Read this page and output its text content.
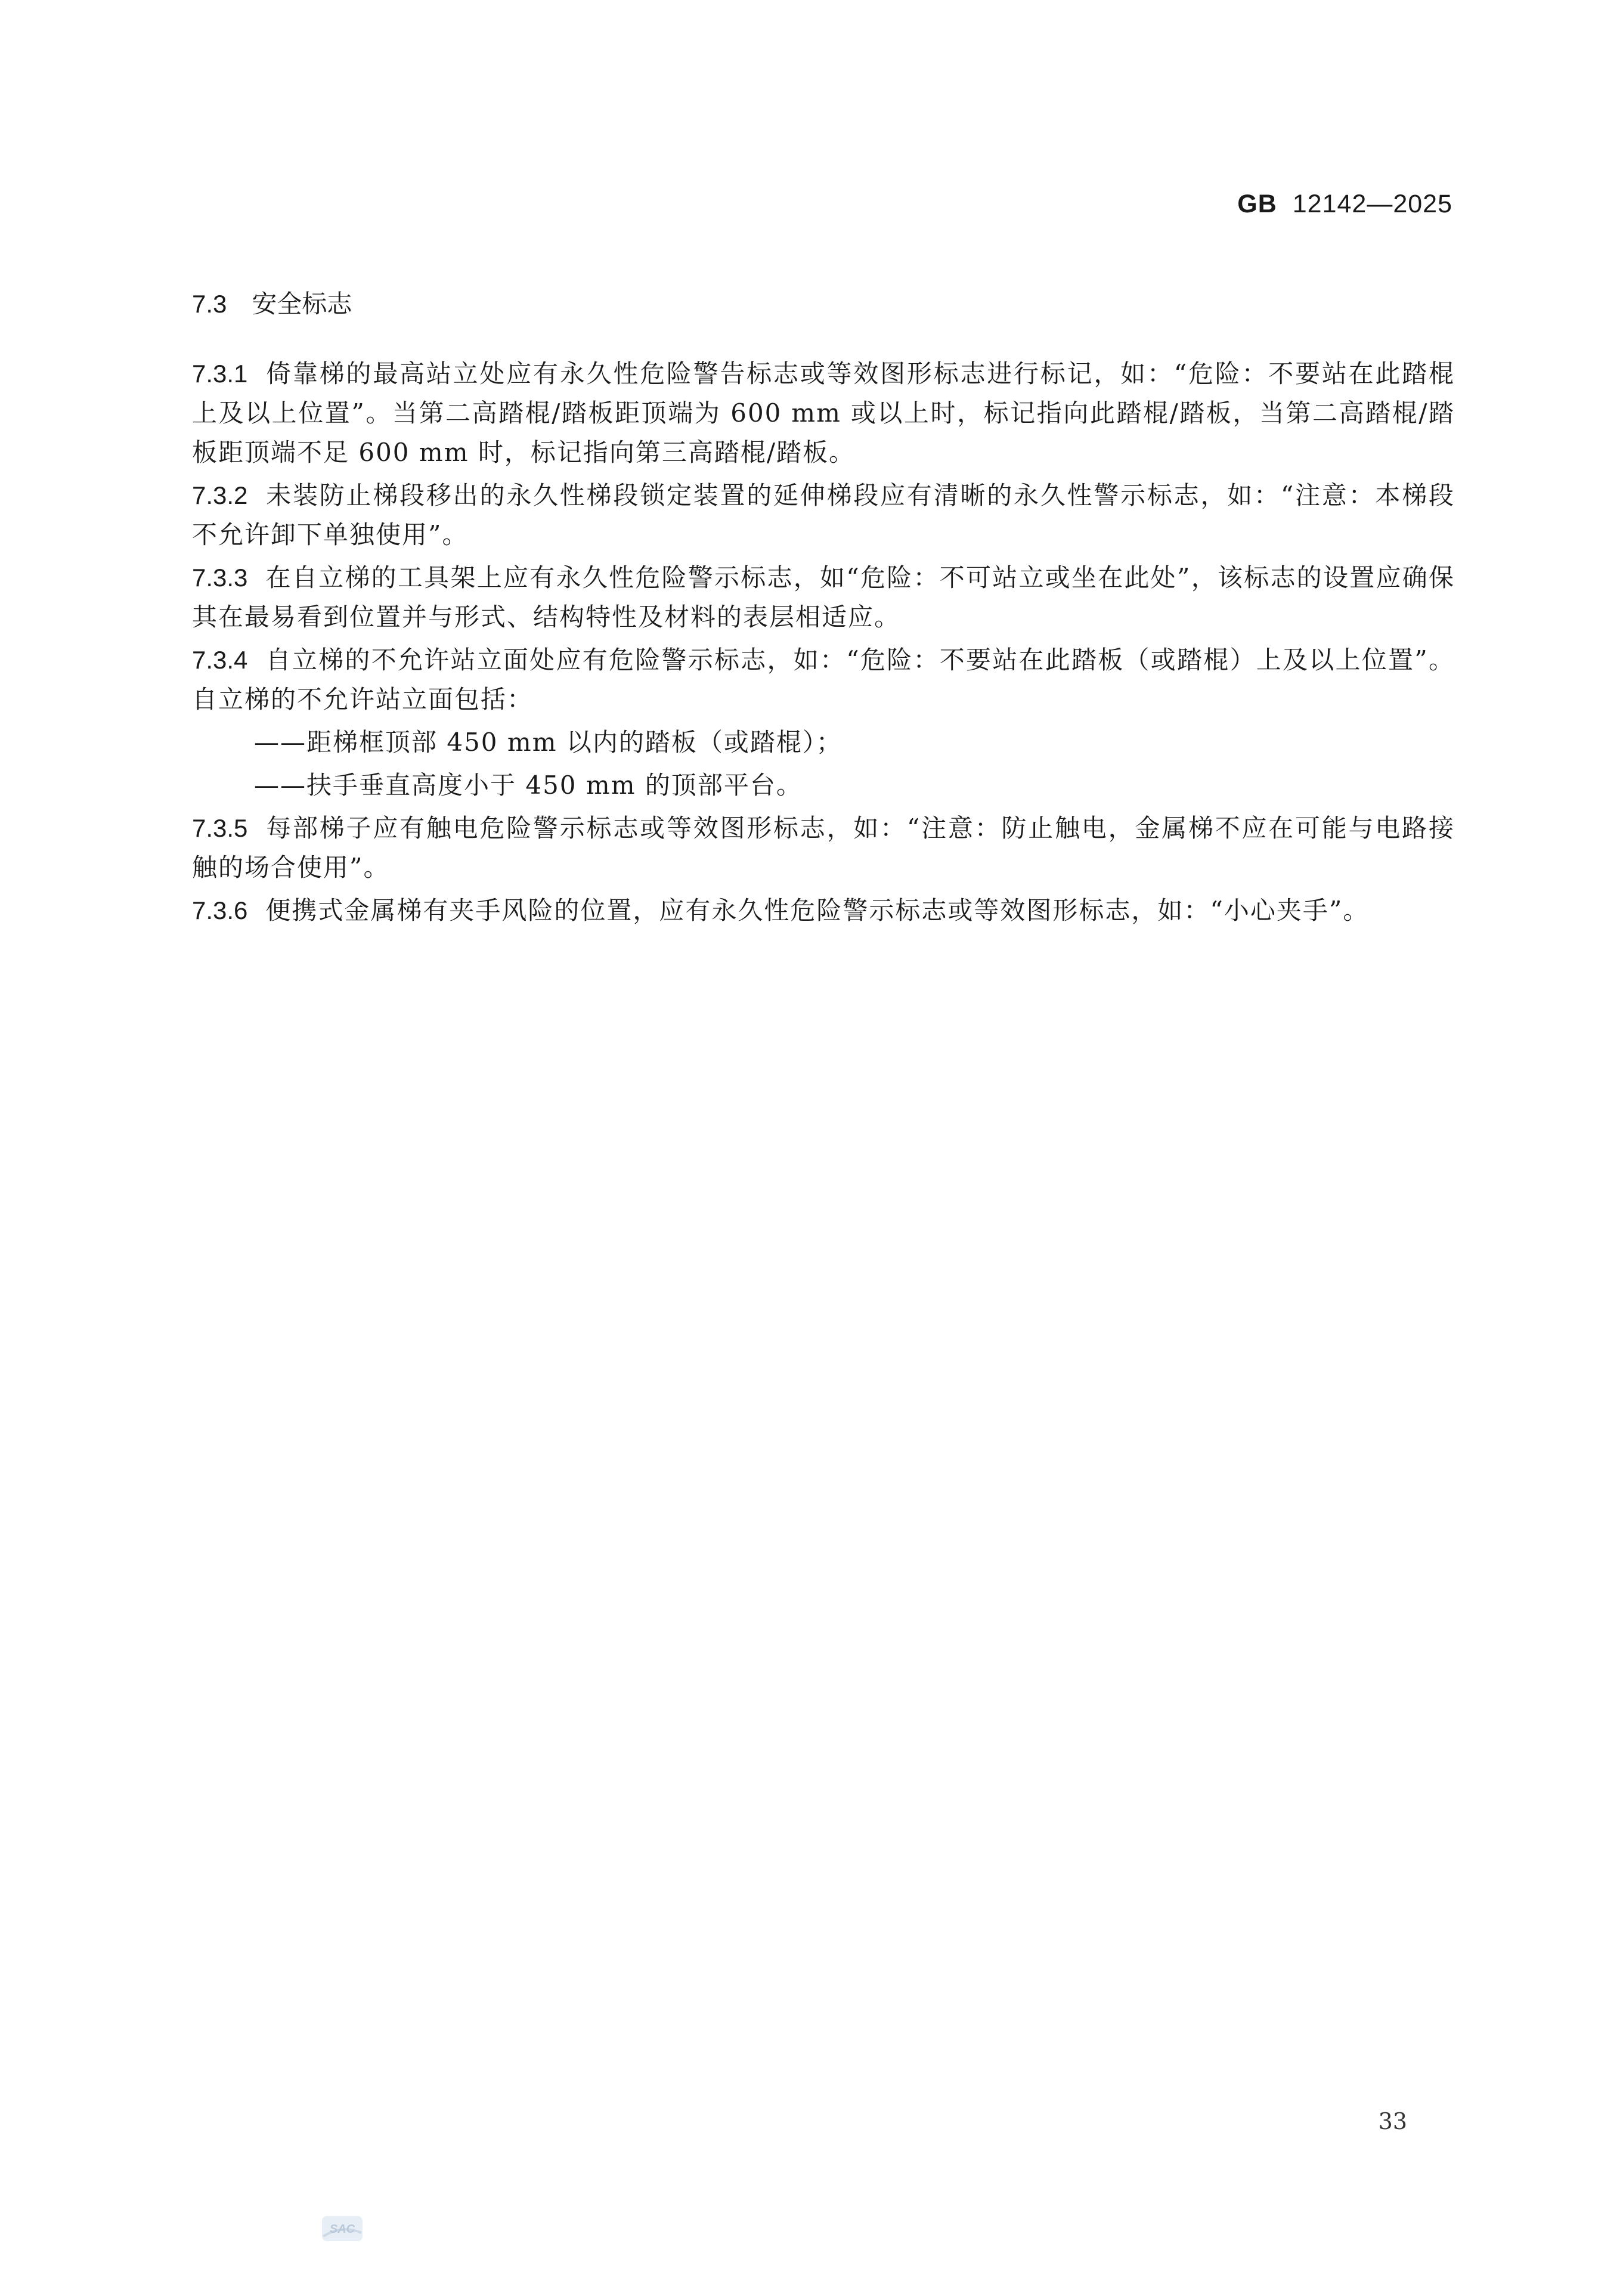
GB 12142—2025

7.3 安全标志

7.3.1 倚靠梯的最高站立处应有永久性危险警告标志或等效图形标志进行标记，如：“危险：不要站在此踏棍上及以上位置”。当第二高踏棍/踏板距顶端为 600 mm 或以上时，标记指向此踏棍/踏板，当第二高踏棍/踏板距顶端不足 600 mm 时，标记指向第三高踏棍/踏板。

7.3.2 未装防止梯段移出的永久性梯段锁定装置的延伸梯段应有清晰的永久性警示标志，如：“注意：本梯段不允许卸下单独使用”。

7.3.3 在自立梯的工具架上应有永久性危险警示标志，如“危险：不可站立或坐在此处”，该标志的设置应确保其在最易看到位置并与形式、结构特性及材料的表层相适应。

7.3.4 自立梯的不允许站立面处应有危险警示标志，如：“危险：不要站在此踏板（或踏棍）上及以上位置”。自立梯的不允许站立面包括：

——距梯框顶部 450 mm 以内的踏板（或踏棍）；

——扶手垂直高度小于 450 mm 的顶部平台。

7.3.5 每部梯子应有触电危险警示标志或等效图形标志，如：“注意：防止触电，金属梯不应在可能与电路接触的场合使用”。

7.3.6 便携式金属梯有夹手风险的位置，应有永久性危险警示标志或等效图形标志，如：“小心夹手”。

33
SAC
